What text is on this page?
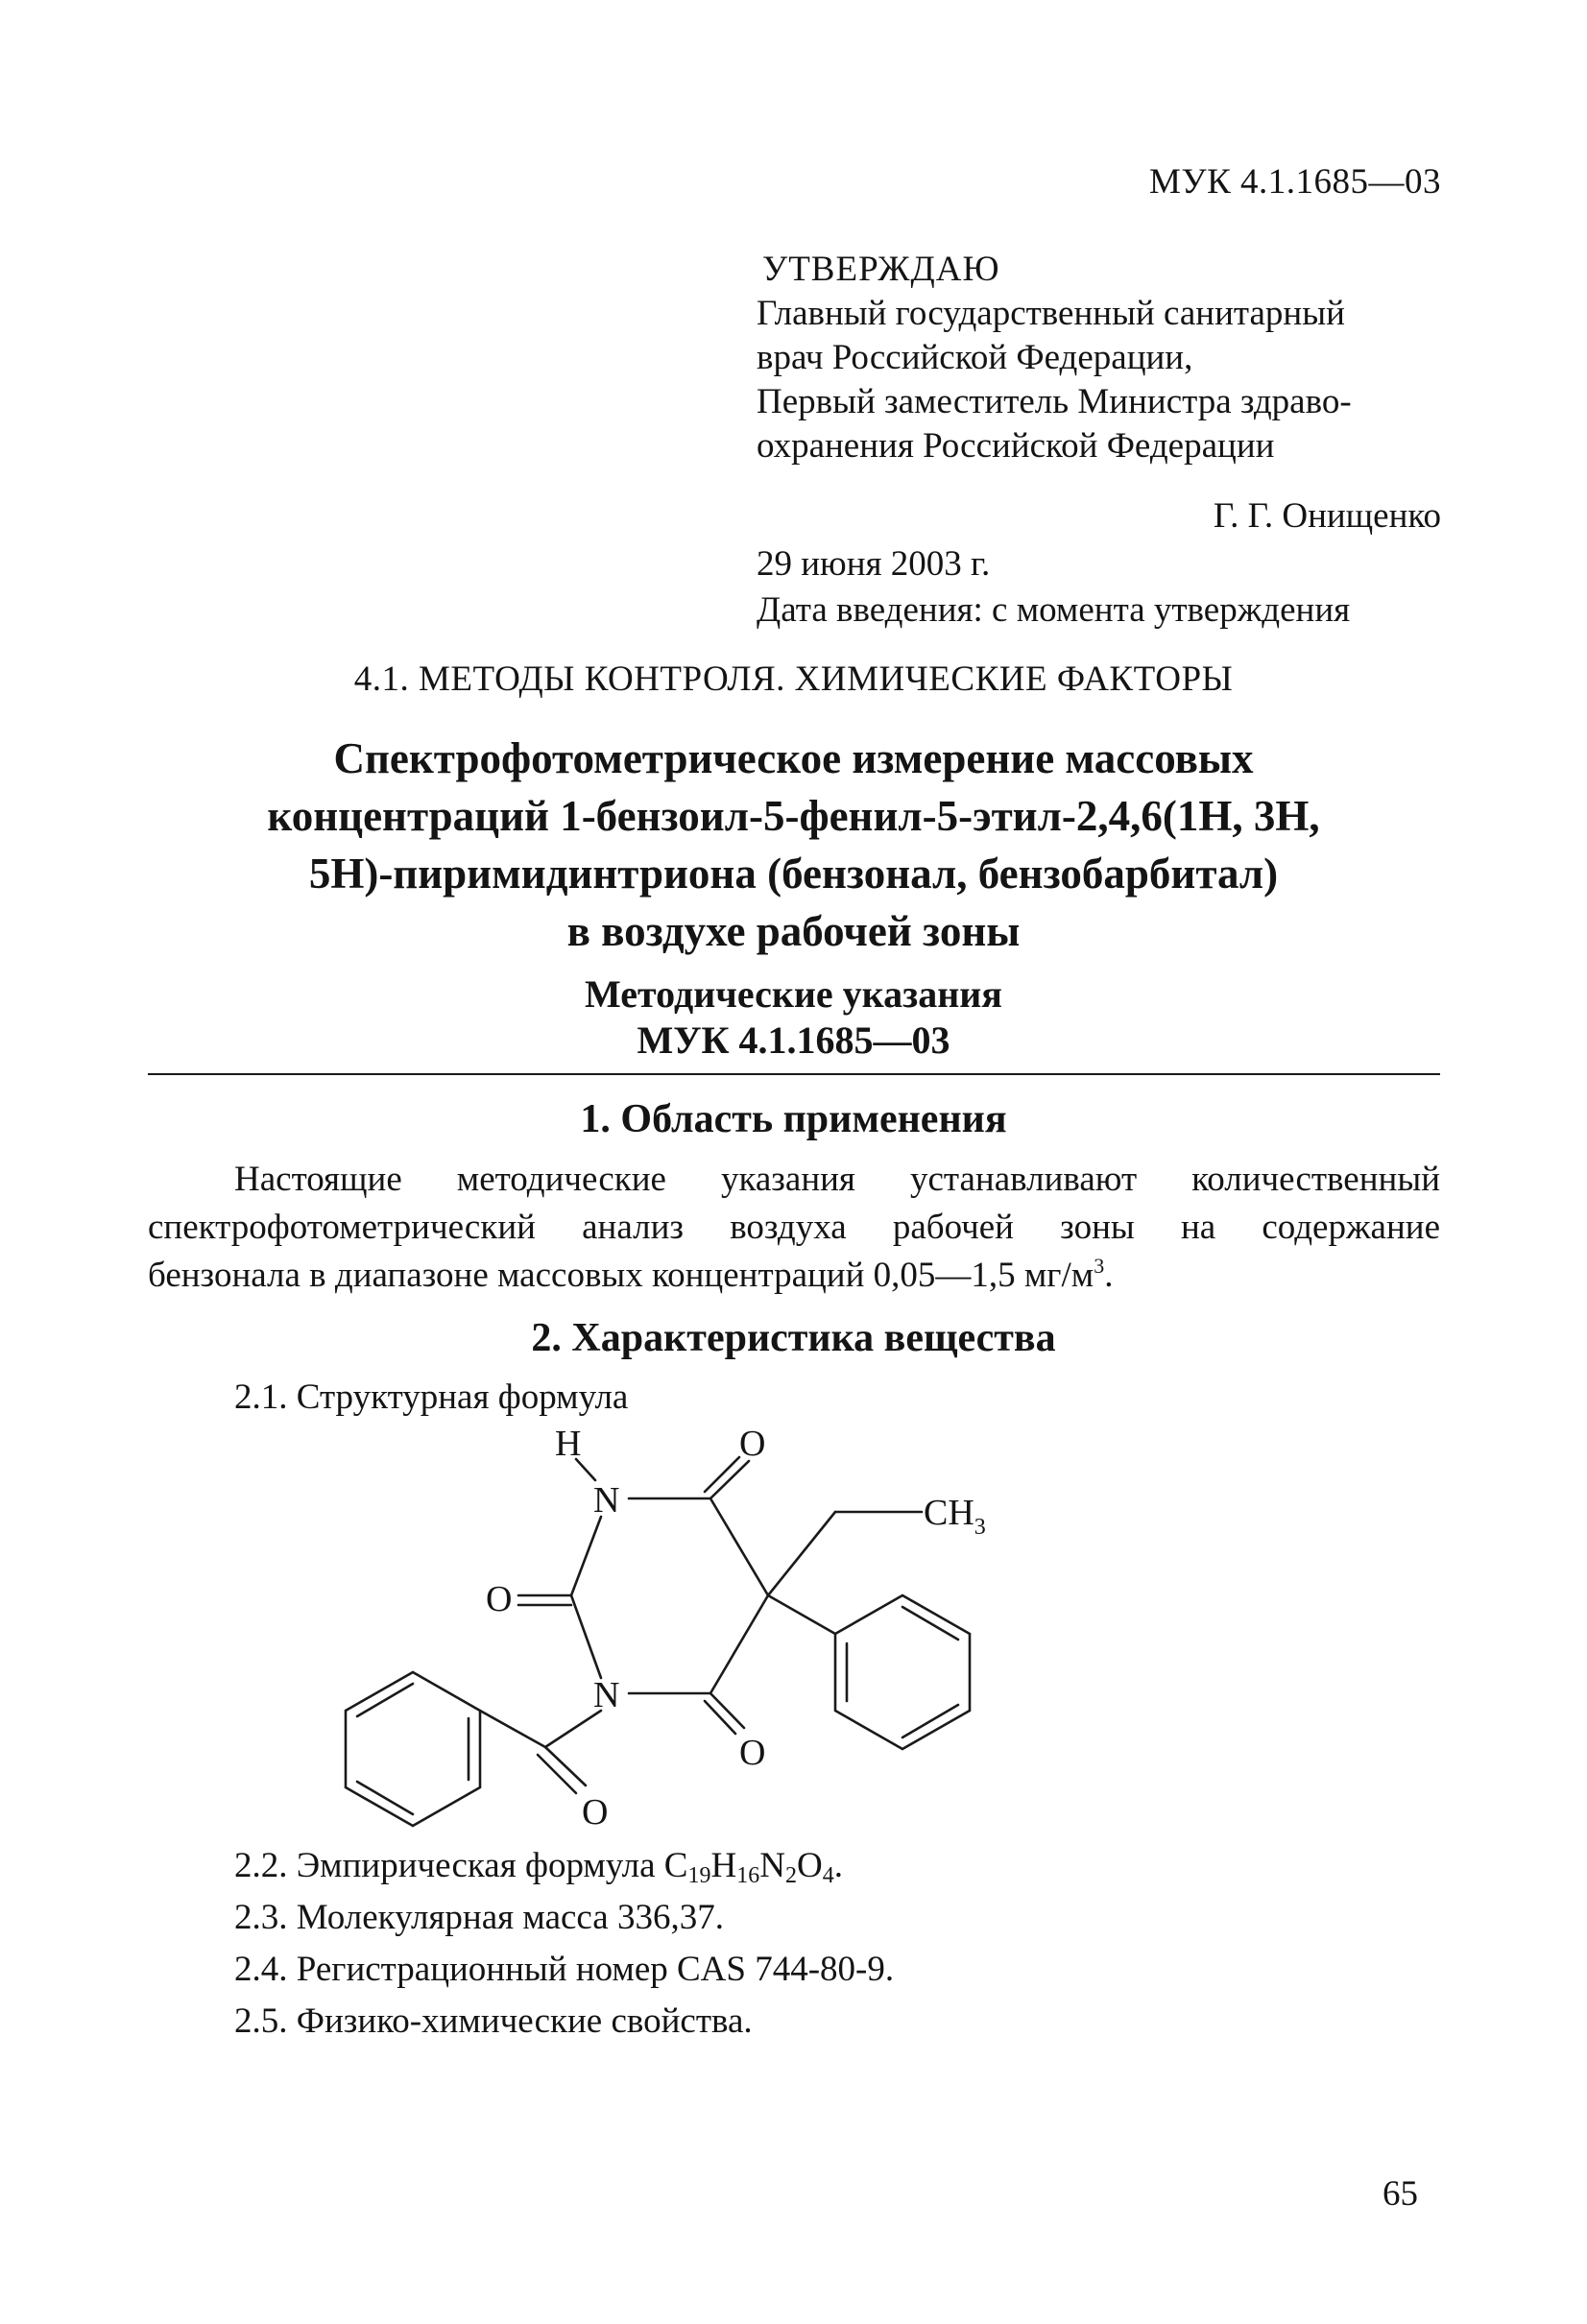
МУК 4.1.1685—03
УТВЕРЖДАЮ
Главный государственный санитарный
врач Российской Федерации,
Первый заместитель Министра здраво-
охранения Российской Федерации
Г. Г. Онищенко
29 июня 2003 г.
Дата введения: с момента утверждения
4.1. МЕТОДЫ КОНТРОЛЯ. ХИМИЧЕСКИЕ ФАКТОРЫ
Спектрофотометрическое измерение массовых
концентраций 1-бензоил-5-фенил-5-этил-2,4,6(1Н, 3Н,
5Н)-пиримидинтриона (бензонал, бензобарбитал)
в воздухе рабочей зоны
Методические указания
МУК 4.1.1685—03
1. Область применения
Настоящие методические указания устанавливают количественный
спектрофотометрический анализ воздуха рабочей зоны на содержание
бензонала в диапазоне массовых концентраций 0,05—1,5 $мг/м^3$.
2. Характеристика вещества
2.1. Структурная формула
H
N
O
O
N
O
O
$CH_3$
2.2. Эмпирическая формула $C_{19}H_{16}N_2O_4$.
2.3. Молекулярная масса 336,37.
2.4. Регистрационный номер CAS 744-80-9.
2.5. Физико-химические свойства.
65
